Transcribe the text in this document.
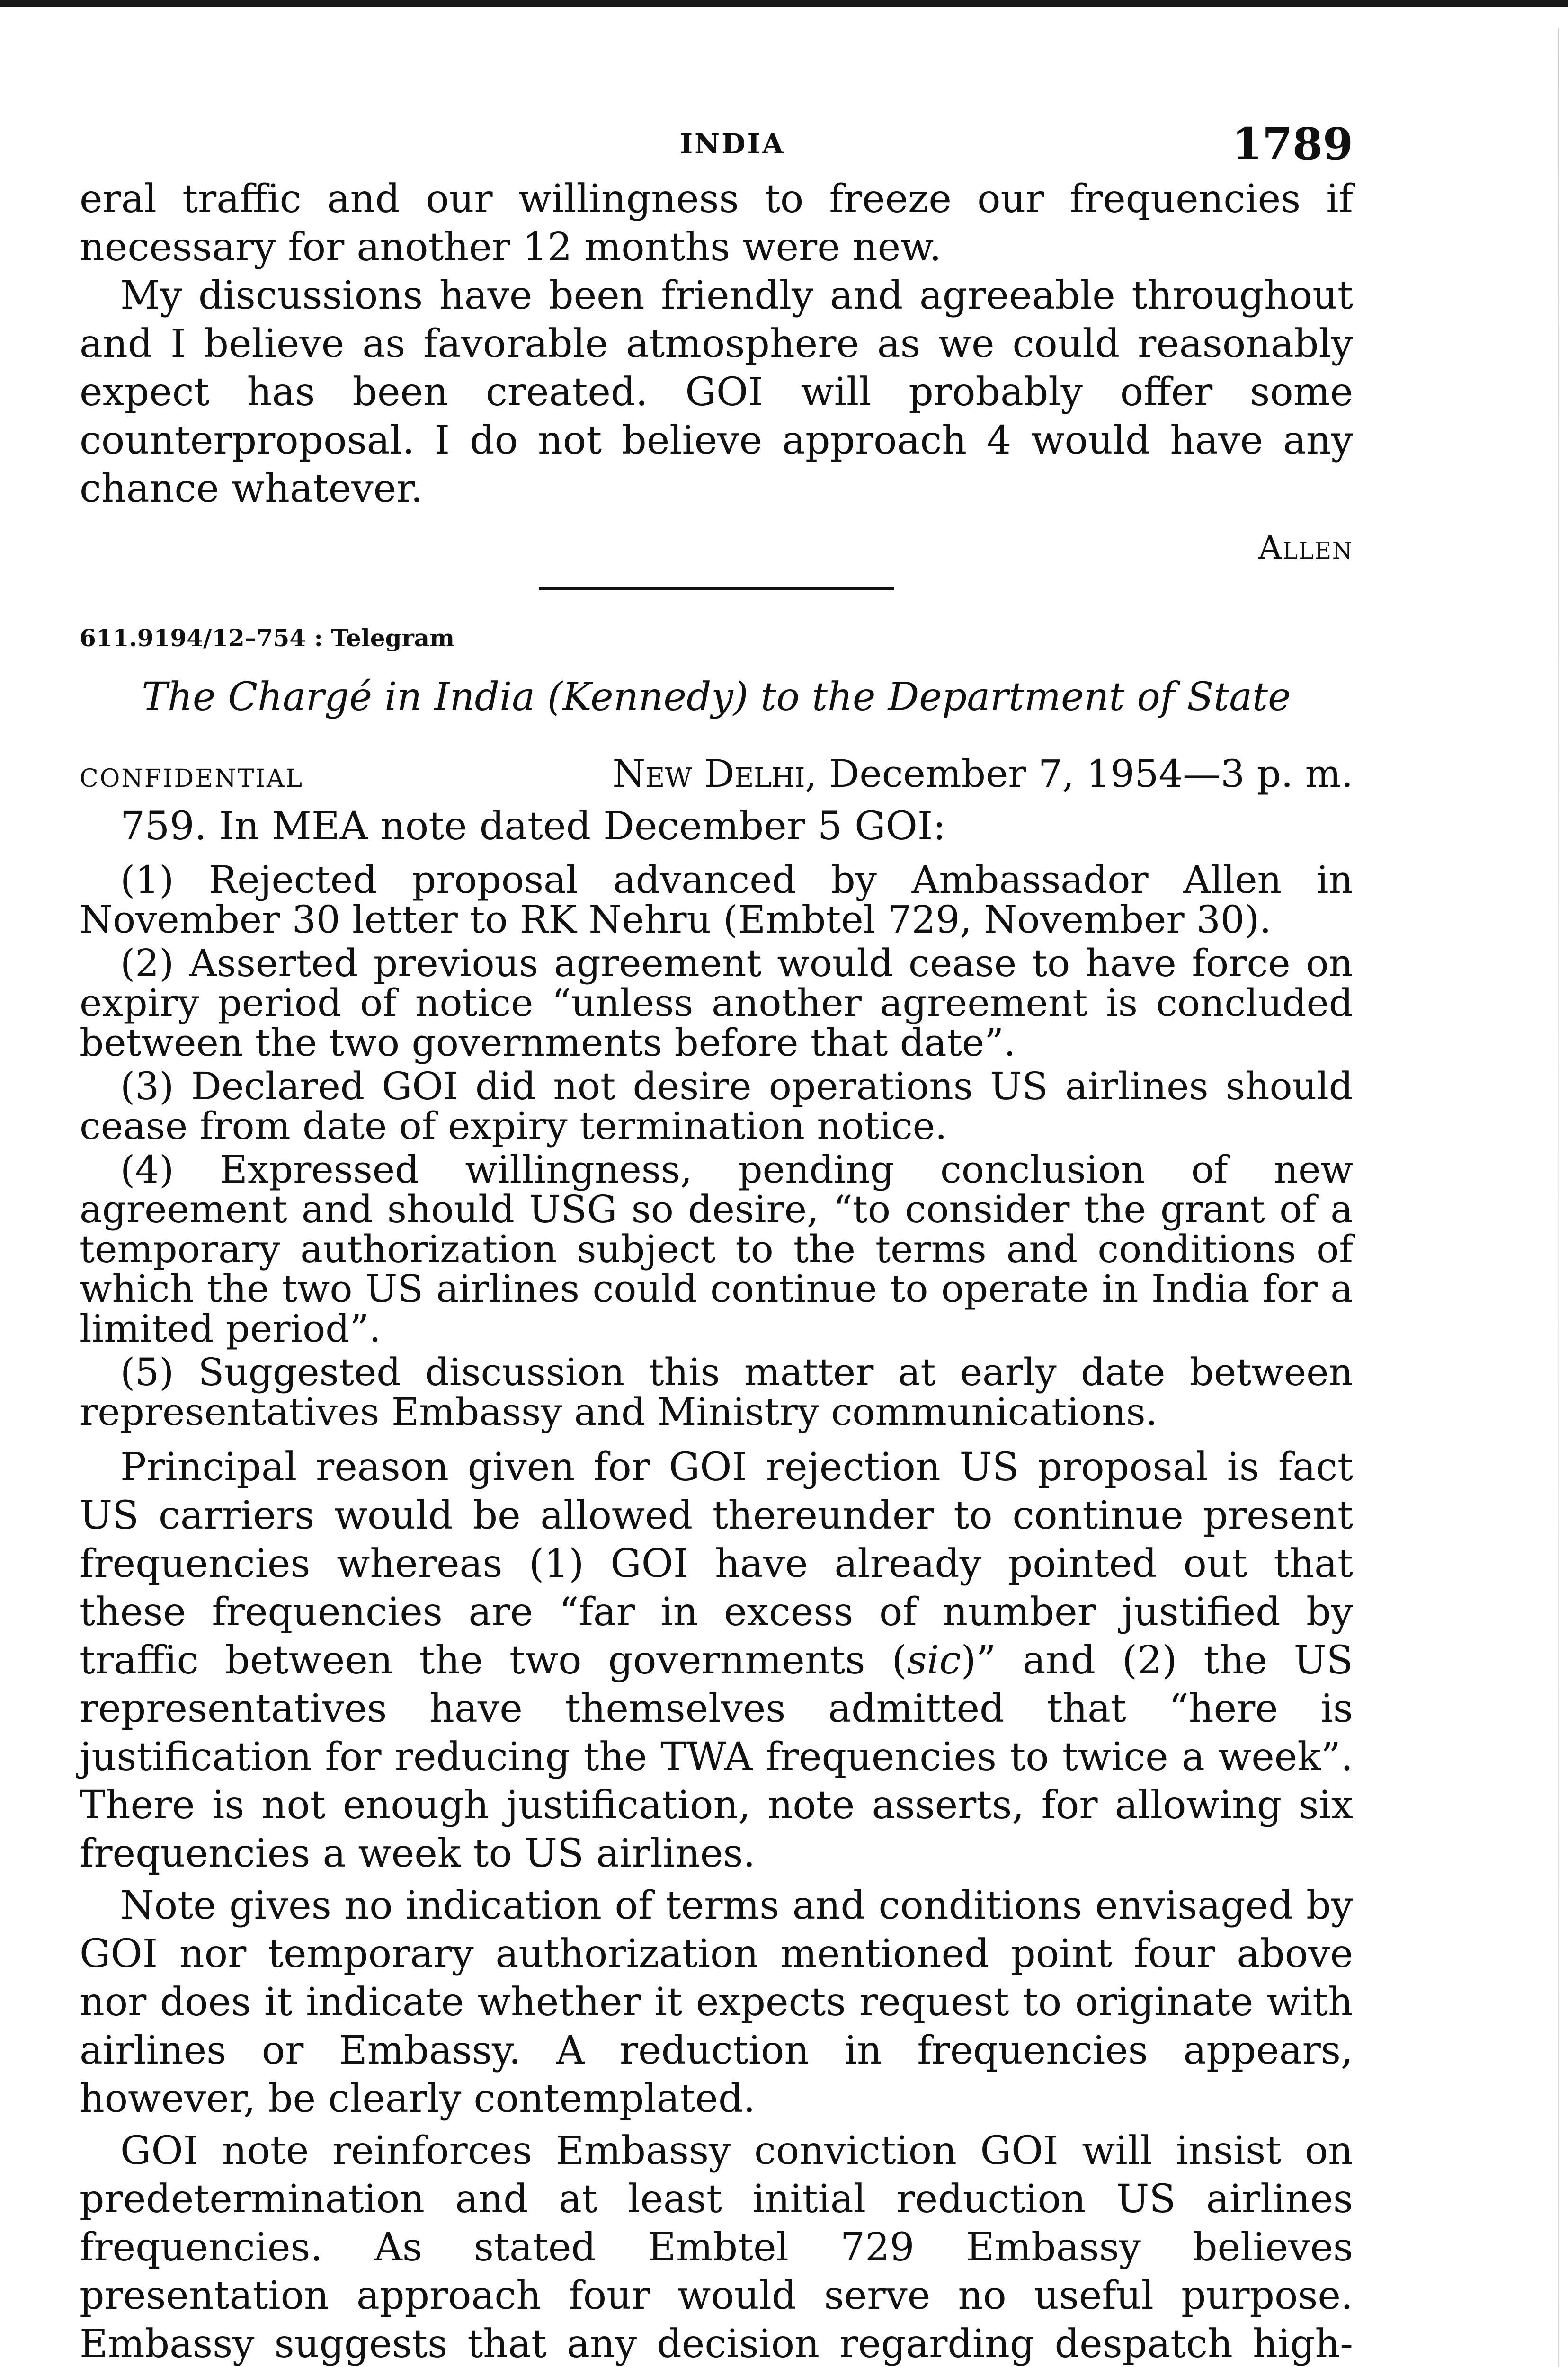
INDIA	1789

eral traffic and our willingness to freeze our frequencies if necessary for another 12 months were new.

My discussions have been friendly and agreeable throughout and I believe as favorable atmosphere as we could reasonably expect has been created. GOI will probably offer some counterproposal. I do not believe approach 4 would have any chance whatever.

Allen
611.9194/12–754 : Telegram
The Chargé in India (Kennedy) to the Department of State
CONFIDENTIAL	New Delhi, December 7, 1954—3 p. m.

759. In MEA note dated December 5 GOI:

(1) Rejected proposal advanced by Ambassador Allen in November 30 letter to RK Nehru (Embtel 729, November 30).

(2) Asserted previous agreement would cease to have force on expiry period of notice “unless another agreement is concluded between the two governments before that date”.

(3) Declared GOI did not desire operations US airlines should cease from date of expiry termination notice.

(4) Expressed willingness, pending conclusion of new agreement and should USG so desire, “to consider the grant of a temporary authorization subject to the terms and conditions of which the two US airlines could continue to operate in India for a limited period”.

(5) Suggested discussion this matter at early date between representatives Embassy and Ministry communications.

Principal reason given for GOI rejection US proposal is fact US carriers would be allowed thereunder to continue present frequencies whereas (1) GOI have already pointed out that these frequencies are “far in excess of number justified by traffic between the two governments (sic)” and (2) the US representatives have themselves admitted that “here is justification for reducing the TWA frequencies to twice a week”. There is not enough justification, note asserts, for allowing six frequencies a week to US airlines.

Note gives no indication of terms and conditions envisaged by GOI nor temporary authorization mentioned point four above nor does it indicate whether it expects request to originate with airlines or Embassy. A reduction in frequencies appears, however, be clearly contemplated.

GOI note reinforces Embassy conviction GOI will insist on predetermination and at least initial reduction US airlines frequencies. As stated Embtel 729 Embassy believes presentation approach four would serve no useful purpose. Embassy suggests that any decision regarding despatch high-
